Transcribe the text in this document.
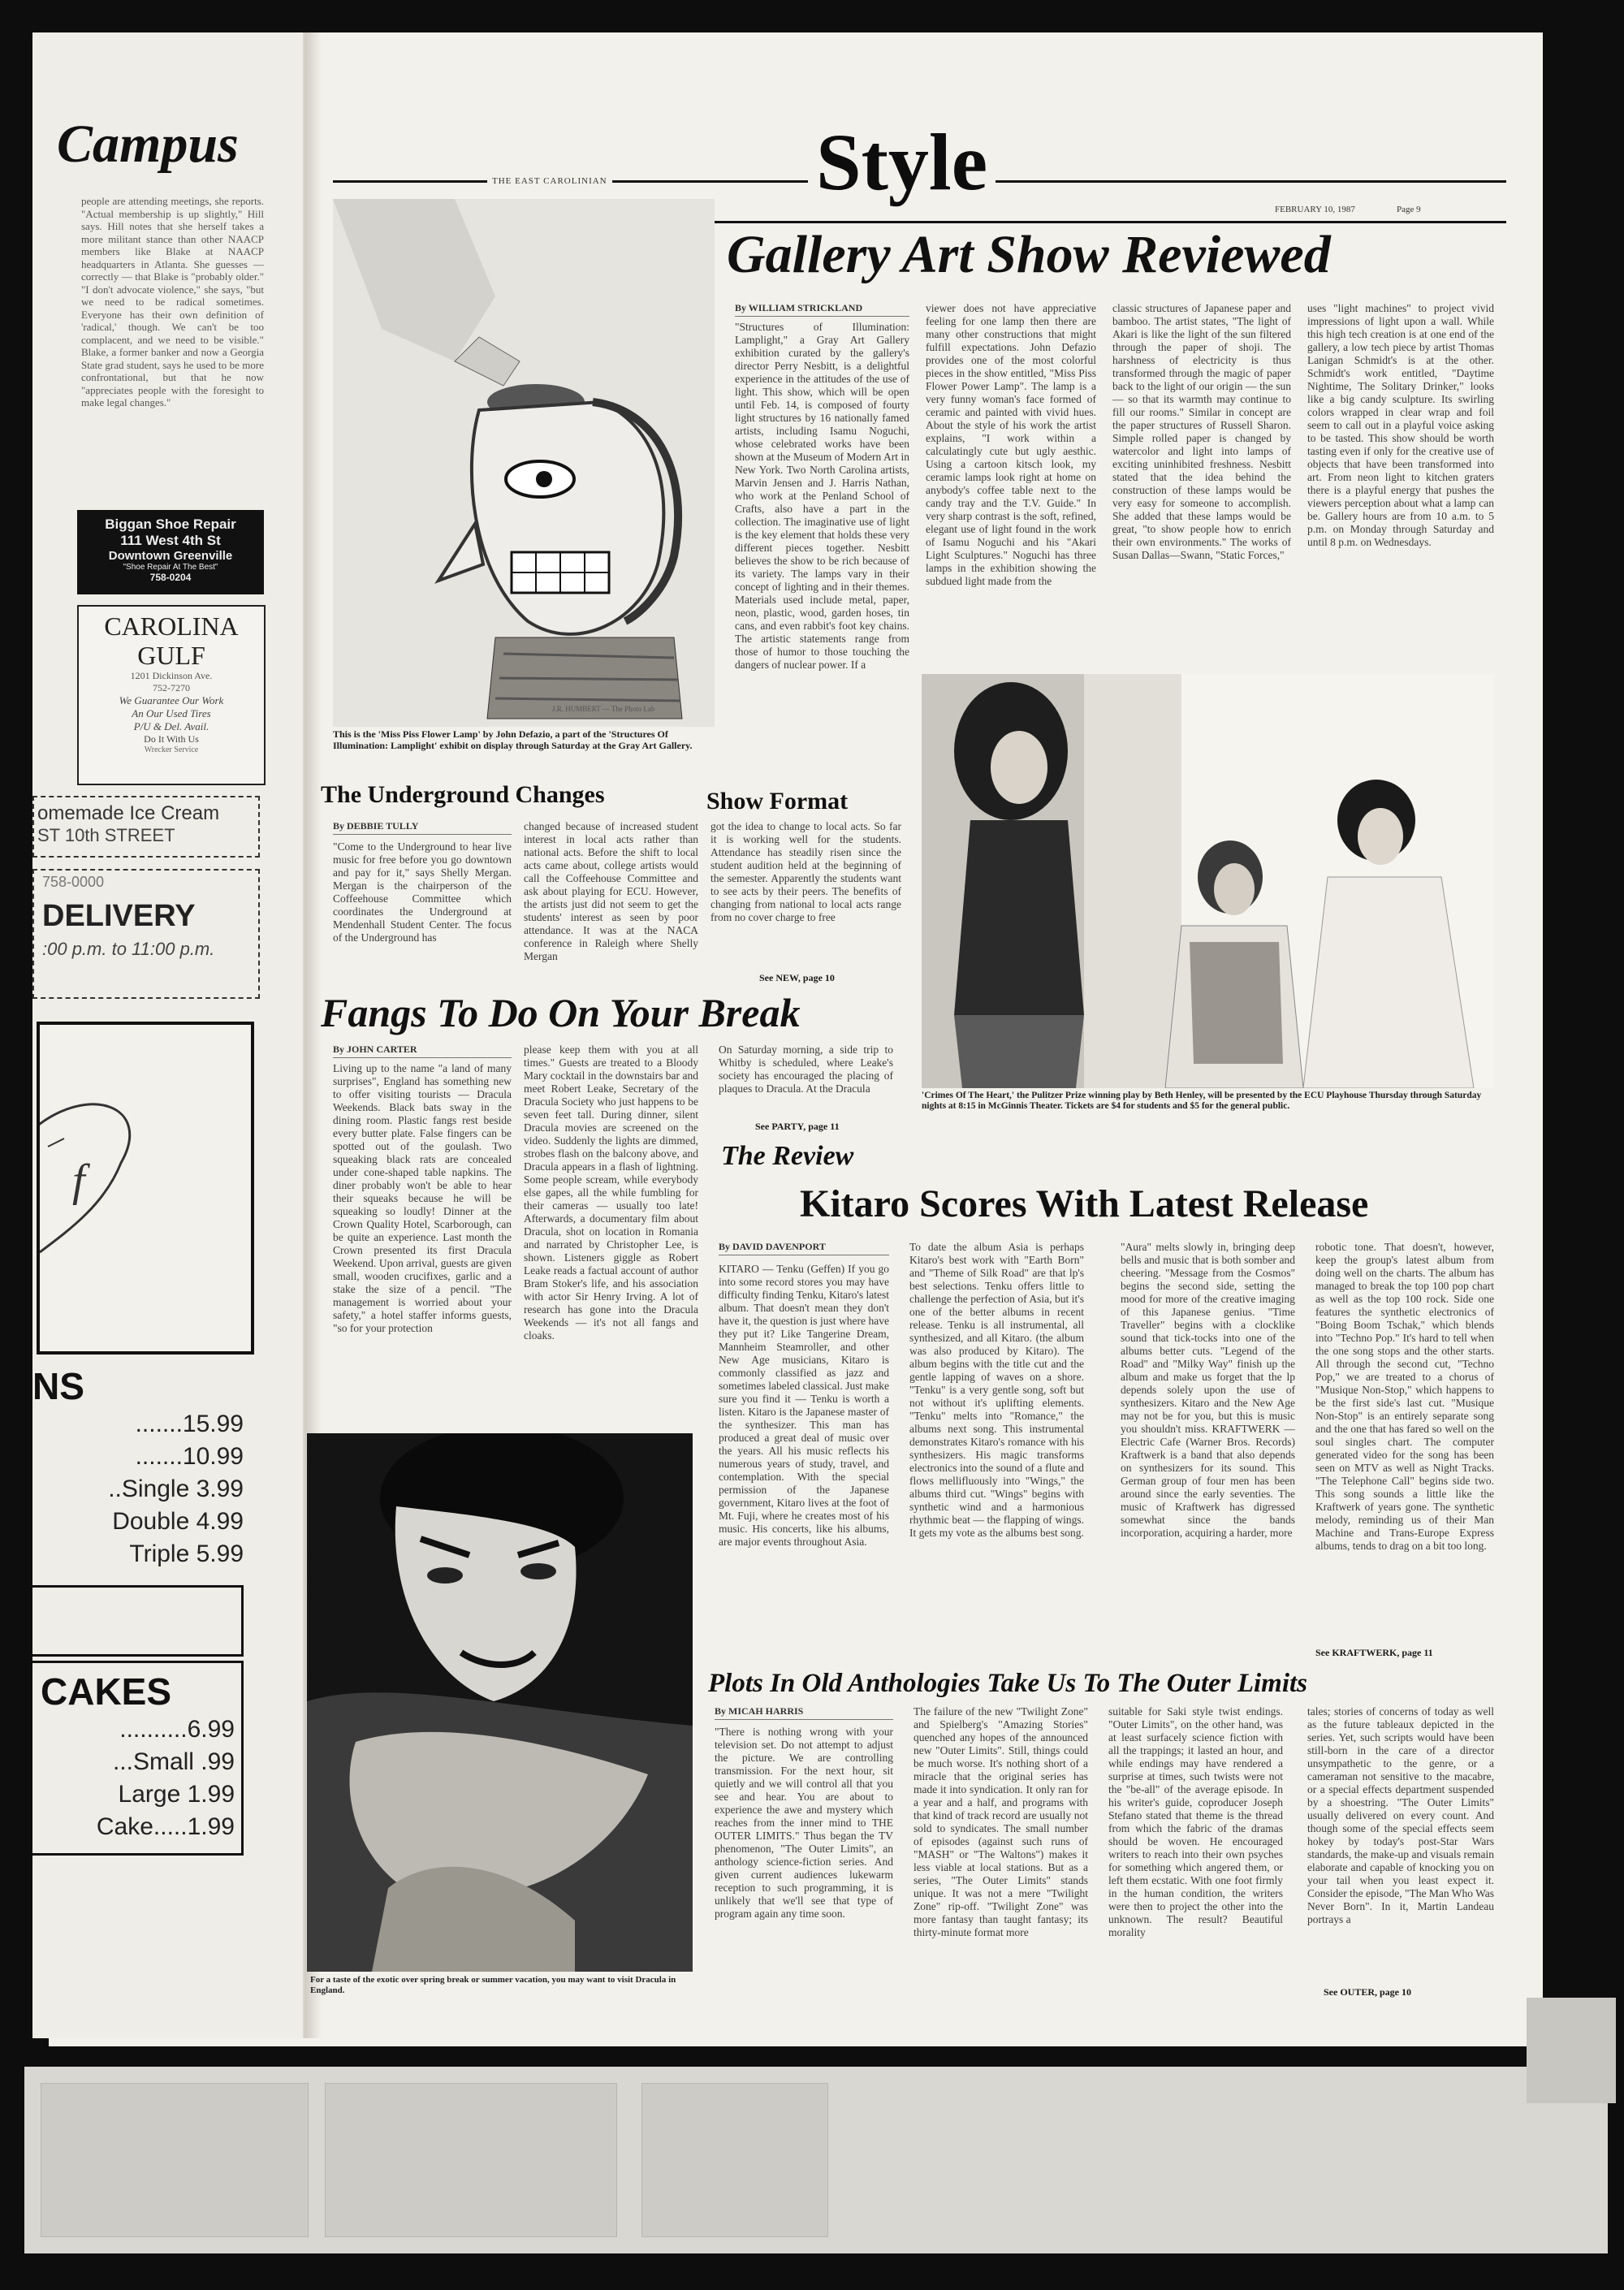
Campus
people are attending meetings, she reports. "Actual membership is up slightly," Hill says. Hill notes that she herself takes a more militant stance than other NAACP members like Blake at NAACP headquarters in Atlanta. She guesses — correctly — that Blake is "probably older." "I don't advocate violence," she says, "but we need to be radical sometimes. Everyone has their own definition of 'radical,' though. We can't be too complacent, and we need to be visible." Blake, a former banker and now a Georgia State grad student, says he used to be more confrontational, but that he now "appreciates people with the foresight to make legal changes."
Biggan Shoe Repair
111 West 4th St
Downtown Greenville
"Shoe Repair At The Best"
758-0204
CAROLINA
GULF
1201 Dickinson Ave.
752-7270
We Guarantee Our Work
An Our Used Tires
P/U & Del. Avail.
Do It With Us
Wrecker Service
omemade Ice Cream
ST 10th STREET
758-0000
DELIVERY
:00 p.m. to 11:00 p.m.
f
NS
.......15.99
.......10.99
..Single 3.99
Double 4.99
Triple 5.99
CAKES
..........6.99
...Small .99
Large 1.99
Cake.....1.99
THE EAST CAROLINIAN	Style
FEBRUARY 10, 1987	Page 9
J.R. HUMBERT — The Photo Lab
This is the 'Miss Piss Flower Lamp' by John Defazio, a part of the 'Structures Of Illumination: Lamplight' exhibit on display through Saturday at the Gray Art Gallery.
Gallery Art Show Reviewed
By WILLIAM STRICKLAND
"Structures of Illumination: Lamplight," a Gray Art Gallery exhibition curated by the gallery's director Perry Nesbitt, is a delightful experience in the attitudes of the use of light. This show, which will be open until Feb. 14, is composed of fourty light structures by 16 nationally famed artists, including Isamu Noguchi, whose celebrated works have been shown at the Museum of Modern Art in New York. Two North Carolina artists, Marvin Jensen and J. Harris Nathan, who work at the Penland School of Crafts, also have a part in the collection. The imaginative use of light is the key element that holds these very different pieces together. Nesbitt believes the show to be rich because of its variety. The lamps vary in their concept of lighting and in their themes. Materials used include metal, paper, neon, plastic, wood, garden hoses, tin cans, and even rabbit's foot key chains. The artistic statements range from those of humor to those touching the dangers of nuclear power. If a
viewer does not have appreciative feeling for one lamp then there are many other constructions that might fulfill expectations. John Defazio provides one of the most colorful pieces in the show entitled, "Miss Piss Flower Power Lamp". The lamp is a very funny woman's face formed of ceramic and painted with vivid hues. About the style of his work the artist explains, "I work within a calculatingly cute but ugly aesthic. Using a cartoon kitsch look, my ceramic lamps look right at home on anybody's coffee table next to the candy tray and the T.V. Guide." In very sharp contrast is the soft, refined, elegant use of light found in the work of Isamu Noguchi and his "Akari Light Sculptures." Noguchi has three lamps in the exhibition showing the subdued light made from the
classic structures of Japanese paper and bamboo. The artist states, "The light of Akari is like the light of the sun filtered through the paper of shoji. The harshness of electricity is thus transformed through the magic of paper back to the light of our origin — the sun — so that its warmth may continue to fill our rooms." Similar in concept are the paper structures of Russell Sharon. Simple rolled paper is changed by watercolor and light into lamps of exciting uninhibited freshness. Nesbitt stated that the idea behind the construction of these lamps would be very easy for someone to accomplish. She added that these lamps would be great, "to show people how to enrich their own environments." The works of Susan Dallas—Swann, "Static Forces,"
uses "light machines" to project vivid impressions of light upon a wall. While this high tech creation is at one end of the gallery, a low tech piece by artist Thomas Lanigan Schmidt's is at the other. Schmidt's work entitled, "Daytime Nightime, The Solitary Drinker," looks like a big candy sculpture. Its swirling colors wrapped in clear wrap and foil seem to call out in a playful voice asking to be tasted. This show should be worth tasting even if only for the creative use of objects that have been transformed into art. From neon light to kitchen graters there is a playful energy that pushes the viewers perception about what a lamp can be. Gallery hours are from 10 a.m. to 5 p.m. on Monday through Saturday and until 8 p.m. on Wednesdays.
The Underground Changes	Show Format
By DEBBIE TULLY
"Come to the Underground to hear live music for free before you go downtown and pay for it," says Shelly Mergan. Mergan is the chairperson of the Coffeehouse Committee which coordinates the Underground at Mendenhall Student Center. The focus of the Underground has
changed because of increased student interest in local acts rather than national acts. Before the shift to local acts came about, college artists would call the Coffeehouse Committee and ask about playing for ECU. However, the artists just did not seem to get the students' interest as seen by poor attendance. It was at the NACA conference in Raleigh where Shelly Mergan
got the idea to change to local acts. So far it is working well for the students. Attendance has steadily risen since the student audition held at the beginning of the semester. Apparently the students want to see acts by their peers. The benefits of changing from national to local acts range from no cover charge to free
See NEW, page 10
'Crimes Of The Heart,' the Pulitzer Prize winning play by Beth Henley, will be presented by the ECU Playhouse Thursday through Saturday nights at 8:15 in McGinnis Theater. Tickets are $4 for students and $5 for the general public.
Fangs To Do On Your Break
By JOHN CARTER
Living up to the name "a land of many surprises", England has something new to offer visiting tourists — Dracula Weekends. Black bats sway in the dining room. Plastic fangs rest beside every butter plate. False fingers can be spotted out of the goulash. Two squeaking black rats are concealed under cone-shaped table napkins. The diner probably won't be able to hear their squeaks because he will be squeaking so loudly! Dinner at the Crown Quality Hotel, Scarborough, can be quite an experience. Last month the Crown presented its first Dracula Weekend. Upon arrival, guests are given small, wooden crucifixes, garlic and a stake the size of a pencil. "The management is worried about your safety," a hotel staffer informs guests, "so for your protection
please keep them with you at all times." Guests are treated to a Bloody Mary cocktail in the downstairs bar and meet Robert Leake, Secretary of the Dracula Society who just happens to be seven feet tall. During dinner, silent Dracula movies are screened on the video. Suddenly the lights are dimmed, strobes flash on the balcony above, and Dracula appears in a flash of lightning. Some people scream, while everybody else gapes, all the while fumbling for their cameras — usually too late! Afterwards, a documentary film about Dracula, shot on location in Romania and narrated by Christopher Lee, is shown. Listeners giggle as Robert Leake reads a factual account of author Bram Stoker's life, and his association with actor Sir Henry Irving. A lot of research has gone into the Dracula Weekends — it's not all fangs and cloaks.
On Saturday morning, a side trip to Whitby is scheduled, where Leake's society has encouraged the placing of plaques to Dracula. At the Dracula
See PARTY, page 11
For a taste of the exotic over spring break or summer vacation, you may want to visit Dracula in England.
The Review
Kitaro Scores With Latest Release
By DAVID DAVENPORT
KITARO — Tenku (Geffen) If you go into some record stores you may have difficulty finding Tenku, Kitaro's latest album. That doesn't mean they don't have it, the question is just where have they put it? Like Tangerine Dream, Mannheim Steamroller, and other New Age musicians, Kitaro is commonly classified as jazz and sometimes labeled classical. Just make sure you find it — Tenku is worth a listen. Kitaro is the Japanese master of the synthesizer. This man has produced a great deal of music over the years. All his music reflects his numerous years of study, travel, and contemplation. With the special permission of the Japanese government, Kitaro lives at the foot of Mt. Fuji, where he creates most of his music. His concerts, like his albums, are major events throughout Asia.
To date the album Asia is perhaps Kitaro's best work with "Earth Born" and "Theme of Silk Road" are that lp's best selections. Tenku offers little to challenge the perfection of Asia, but it's one of the better albums in recent release. Tenku is all instrumental, all synthesized, and all Kitaro. (the album was also produced by Kitaro). The album begins with the title cut and the gentle lapping of waves on a shore. "Tenku" is a very gentle song, soft but not without it's uplifting elements. "Tenku" melts into "Romance," the albums next song. This instrumental demonstrates Kitaro's romance with his synthesizers. His magic transforms electronics into the sound of a flute and flows mellifluously into "Wings," the albums third cut. "Wings" begins with synthetic wind and a harmonious rhythmic beat — the flapping of wings. It gets my vote as the albums best song.
"Aura" melts slowly in, bringing deep bells and music that is both somber and cheering. "Message from the Cosmos" begins the second side, setting the mood for more of the creative imaging of this Japanese genius. "Time Traveller" begins with a clocklike sound that tick-tocks into one of the albums better cuts. "Legend of the Road" and "Milky Way" finish up the album and make us forget that the lp depends solely upon the use of synthesizers. Kitaro and the New Age may not be for you, but this is music you shouldn't miss. KRAFTWERK — Electric Cafe (Warner Bros. Records) Kraftwerk is a band that also depends on synthesizers for its sound. This German group of four men has been around since the early seventies. The music of Kraftwerk has digressed somewhat since the bands incorporation, acquiring a harder, more
robotic tone. That doesn't, however, keep the group's latest album from doing well on the charts. The album has managed to break the top 100 pop chart as well as the top 100 rock. Side one features the synthetic electronics of "Boing Boom Tschak," which blends into "Techno Pop." It's hard to tell when the one song stops and the other starts. All through the second cut, "Techno Pop," we are treated to a chorus of "Musique Non-Stop," which happens to be the first side's last cut. "Musique Non-Stop" is an entirely separate song and the one that has fared so well on the soul singles chart. The computer generated video for the song has been seen on MTV as well as Night Tracks. "The Telephone Call" begins side two. This song sounds a little like the Kraftwerk of years gone. The synthetic melody, reminding us of their Man Machine and Trans-Europe Express albums, tends to drag on a bit too long.
See KRAFTWERK, page 11
Plots In Old Anthologies Take Us To The Outer Limits
By MICAH HARRIS
"There is nothing wrong with your television set. Do not attempt to adjust the picture. We are controlling transmission. For the next hour, sit quietly and we will control all that you see and hear. You are about to experience the awe and mystery which reaches from the inner mind to THE OUTER LIMITS." Thus began the TV phenomenon, "The Outer Limits", an anthology science-fiction series. And given current audiences lukewarm reception to such programming, it is unlikely that we'll see that type of program again any time soon.
The failure of the new "Twilight Zone" and Spielberg's "Amazing Stories" quenched any hopes of the announced new "Outer Limits". Still, things could be much worse. It's nothing short of a miracle that the original series has made it into syndication. It only ran for a year and a half, and programs with that kind of track record are usually not sold to syndicates. The small number of episodes (against such runs of "MASH" or "The Waltons") makes it less viable at local stations. But as a series, "The Outer Limits" stands unique. It was not a mere "Twilight Zone" rip-off. "Twilight Zone" was more fantasy than taught fantasy; its thirty-minute format more
suitable for Saki style twist endings. "Outer Limits", on the other hand, was at least surfacely science fiction with all the trappings; it lasted an hour, and while endings may have rendered a surprise at times, such twists were not the "be-all" of the average episode. In his writer's guide, coproducer Joseph Stefano stated that theme is the thread from which the fabric of the dramas should be woven. He encouraged writers to reach into their own psyches for something which angered them, or left them ecstatic. With one foot firmly in the human condition, the writers were then to project the other into the unknown. The result? Beautiful morality
tales; stories of concerns of today as well as the future tableaux depicted in the series. Yet, such scripts would have been still-born in the care of a director unsympathetic to the genre, or a cameraman not sensitive to the macabre, or a special effects department suspended by a shoestring. "The Outer Limits" usually delivered on every count. And though some of the special effects seem hokey by today's post-Star Wars standards, the make-up and visuals remain elaborate and capable of knocking you on your tail when you least expect it. Consider the episode, "The Man Who Was Never Born". In it, Martin Landeau portrays a
See OUTER, page 10
